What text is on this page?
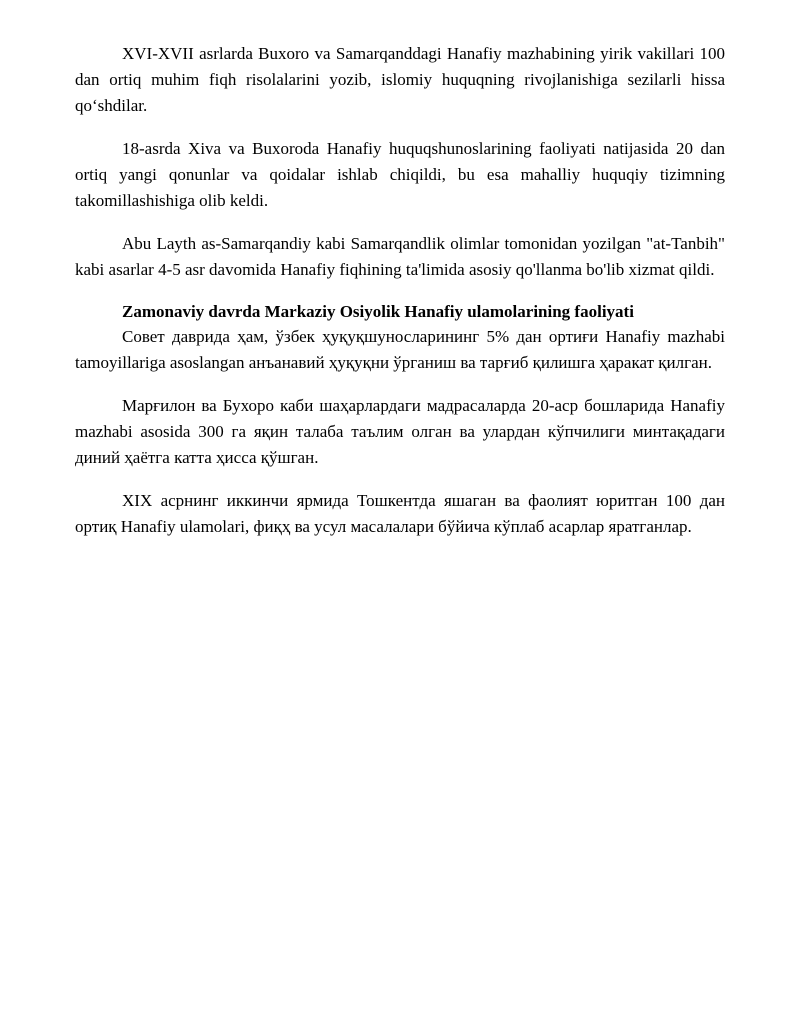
XVI-XVII asrlarda Buxoro va Samarqanddagi Hanafiy mazhabining yirik vakillari 100 dan ortiq muhim fiqh risolalarini yozib, islomiy huquqning rivojlanishiga sezilarli hissa qo‘shdilar.

18-asrda Xiva va Buxoroda Hanafiy huquqshunoslarining faoliyati natijasida 20 dan ortiq yangi qonunlar va qoidalar ishlab chiqildi, bu esa mahalliy huquqiy tizimning takomillashishiga olib keldi.

Abu Layth as-Samarqandiy kabi Samarqandlik olimlar tomonidan yozilgan "at-Tanbih" kabi asarlar 4-5 asr davomida Hanafiy fiqhining ta'limida asosiy qo'llanma bo'lib xizmat qildi.

Zamonaviy davrda Markaziy Osiyolik Hanafiy ulamolarining faoliyati

Совет даврида ҳам, ўзбек ҳуқуқшуносларининг 5% дан ортиғи Hanafiy mazhabi tamoyillariga asoslangan анъанавий ҳуқуқни ўрганиш ва тарғиб қилишга ҳаракат қилган.

Марғилон ва Бухоро каби шаҳарлардаги мадрасаларда 20-аср бошларида Hanafiy mazhabi asosida 300 га яқин талаба таълим олган ва улардан кўпчилиги минтақадаги диний ҳаётга катта ҳисса қўшган.

XIX асрнинг иккинчи ярмида Тошкентда яшаган ва фаолият юритган 100 дан ортиқ Hanafiy ulamolari, фиқҳ ва усул масалалари бўйича кўплаб асарлар яратганлар.
